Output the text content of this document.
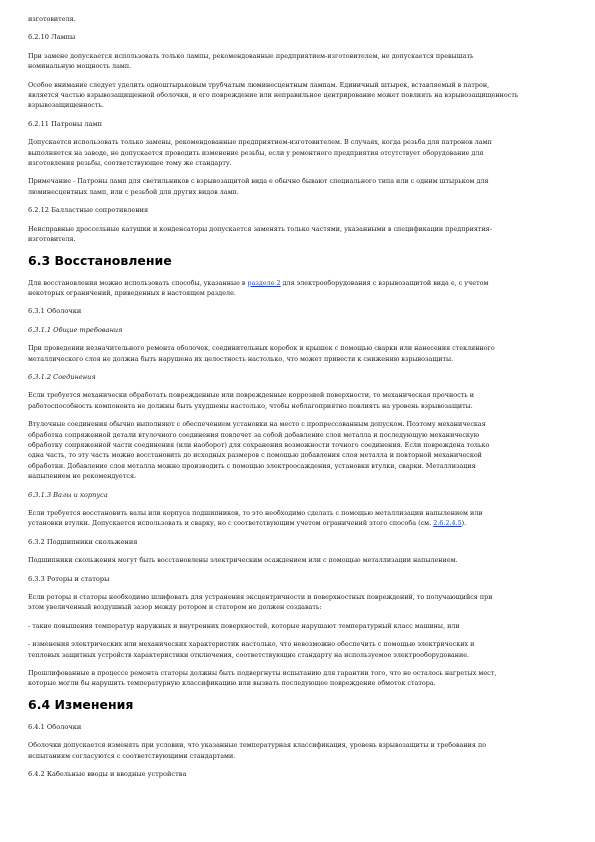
изготовителя.

6.2.10 Лампы

При замене допускается использовать только лампы, рекомендованные предприятием-изготовителем, не допускается превышать
номинальную мощность ламп.

Особое внимание следует уделить одноштырьковым трубчатым люминесцентным лампам. Единичный штырек, вставляемый в патрон,
является частью взрывозащищенной оболочки, и его повреждение или неправильное центрирование может повлиять на взрывозащищенность
взрывозащищенность.

6.2.11 Патроны ламп

Допускается использовать только замены, рекомендованные предприятием-изготовителем. В случаях, когда резьба для патронов ламп
выполняется на заводе, не допускается проводить изменение резьбы, если у ремонтного предприятия отсутствует оборудование для
изготовления резьбы, соответствующее тому же стандарту.

Примечание - Патроны ламп для светильников с взрывозащитой вида e обычно бывают специального типа или с одним штырьком для
люминесцентных ламп, или с резьбой для других видов ламп.

6.2.12 Балластные сопротивления

Неисправные дроссельные катушки и конденсаторы допускается заменять только частями, указанными в спецификации предприятия-
изготовителя.

6.3 Восстановление

Для восстановления можно использовать способы, указанные в разделе 2 для электрооборудования с взрывозащитой вида e, с учетом
некоторых ограничений, приведенных в настоящем разделе.

6.3.1 Оболочки
6.3.1.1 Общие требования

При проведении незначительного ремонта оболочек, соединительных коробок и крышек с помощью сварки или нанесения стеклянного
металлического слоя не должна быть нарушена их целостность настолько, что может привести к снижению взрывозащиты.

6.3.1.2 Соединения

Если требуется механически обработать поврежденные или поврежденные коррозией поверхности, то механическая прочность и
работоспособность компонента не должны быть ухудшены настолько, чтобы неблагоприятно повлиять на уровень взрывозащиты.

Втулочные соединения обычно выполняют с обеспечением установки на место с пропрессованным допуском. Поэтому механическая
обработка сопряженной детали втулочного соединения повлечет за собой добавление слоя металла и последующую механическую
обработку сопряженной части соединения (или наоборот) для сохранения возможности точного соединения. Если повреждена только
одна часть, то эту часть можно восстановить до исходных размеров с помощью добавления слоя металла и повторной механической
обработки. Добавление слоя металла можно производить с помощью электроосаждения, установки втулки, сварки. Металлизация
напылением не рекомендуется.

6.3.1.3 Валы и корпуса

Если требуется восстановить валы или корпуса подшипников, то это необходимо сделать с помощью металлизации напылением или
установки втулки. Допускается использовать и сварку, но с соответствующим учетом ограничений этого способа (см. 2.6.2.4.5).

6.3.2 Подшипники скольжения

Подшипники скольжения могут быть восстановлены электрическим осаждением или с помощью металлизации напылением.

6.3.3 Роторы и статоры

Если роторы и статоры необходимо шлифовать для устранения эксцентричности и поверхностных повреждений, то получающийся при
этом увеличенный воздушный зазор между ротором и статором не должен создавать:

- такие повышения температур наружных и внутренних поверхностей, которые нарушают температурный класс машины, или

- изменения электрических или механических характеристик настолько, что невозможно обеспечить с помощью электрических и
тепловых защитных устройств характеристики отключения, соответствующие стандарту на используемое электрооборудование.

Прошлифованные в процессе ремонта статоры должны быть подвергнуты испытанию для гарантии того, что не осталось нагретых мест,
которые могли бы нарушить температурную классификацию или вызвать последующее повреждение обмоток статора.

6.4 Изменения
6.4.1 Оболочки

Оболочки допускается изменять при условии, что указанные температурная классификация, уровень взрывозащиты и требования по
испытаниям согласуются с соответствующими стандартами.

6.4.2 Кабельные вводы и вводные устройства
